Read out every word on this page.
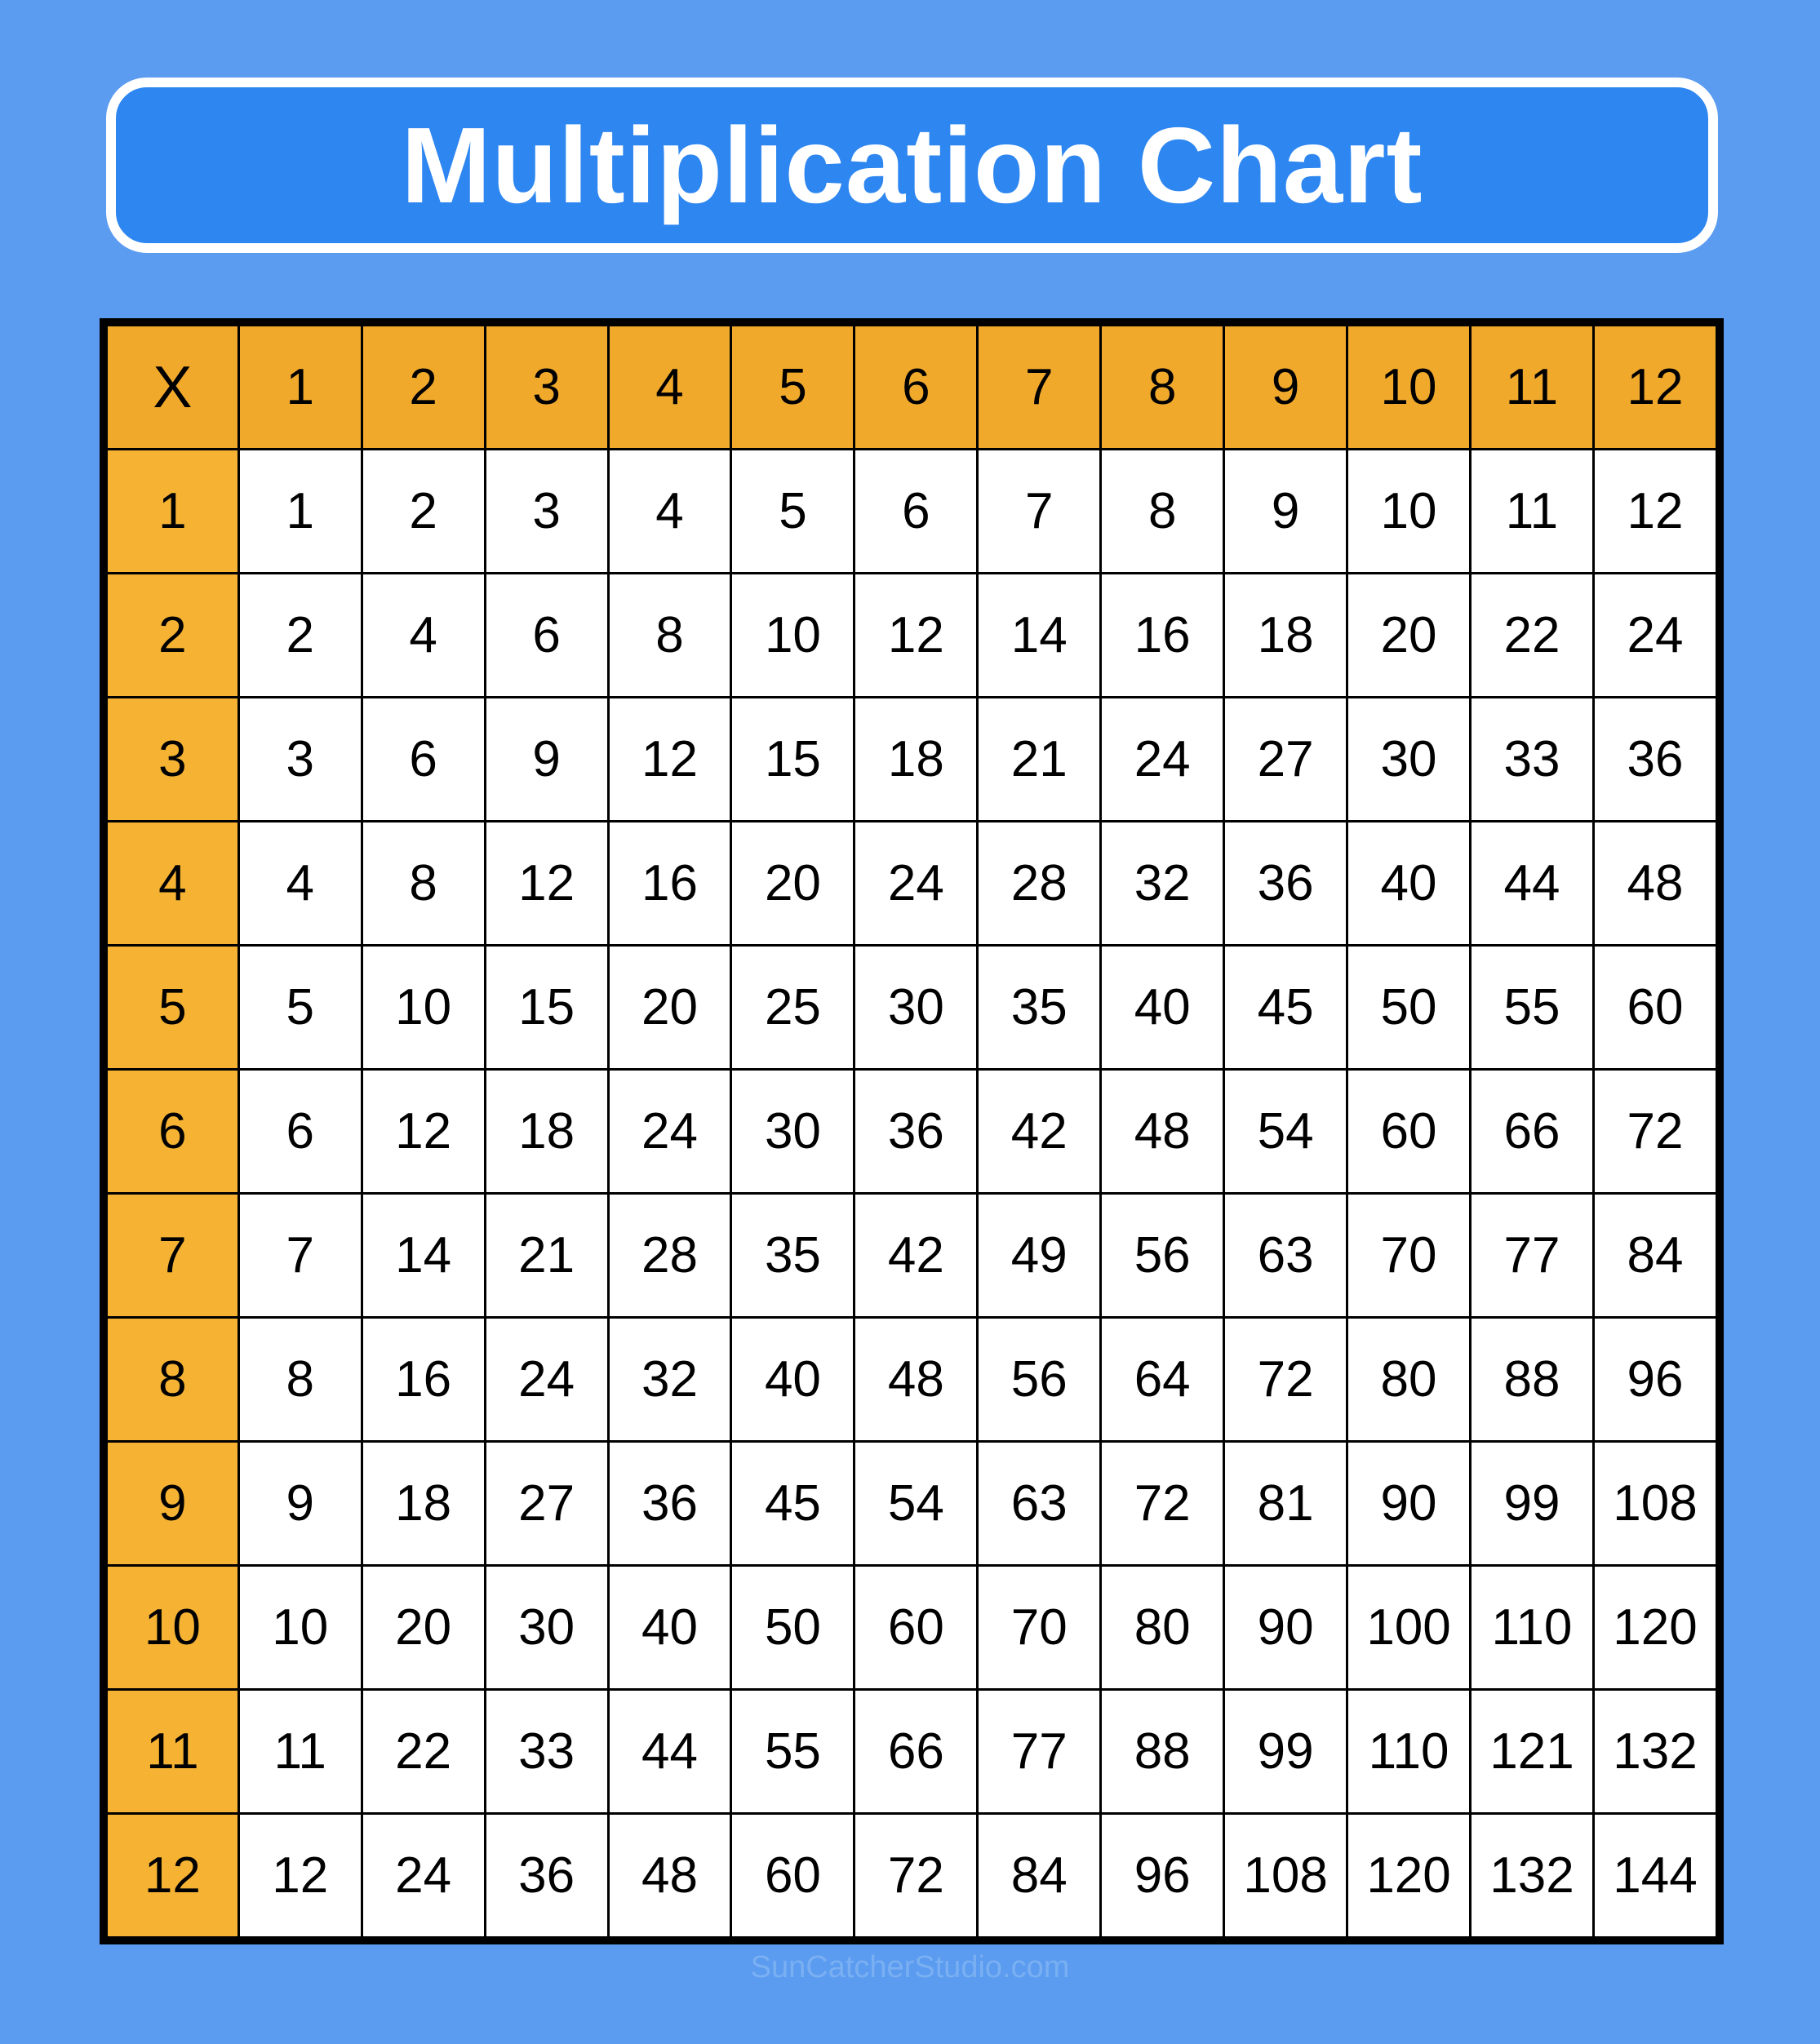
Multiplication Chart
X	1	2	3	4	5	6	7	8	9	10	11	12
1	1	2	3	4	5	6	7	8	9	10	11	12
2	2	4	6	8	10	12	14	16	18	20	22	24
3	3	6	9	12	15	18	21	24	27	30	33	36
4	4	8	12	16	20	24	28	32	36	40	44	48
5	5	10	15	20	25	30	35	40	45	50	55	60
6	6	12	18	24	30	36	42	48	54	60	66	72
7	7	14	21	28	35	42	49	56	63	70	77	84
8	8	16	24	32	40	48	56	64	72	80	88	96
9	9	18	27	36	45	54	63	72	81	90	99	108
10	10	20	30	40	50	60	70	80	90	100	110	120
11	11	22	33	44	55	66	77	88	99	110	121	132
12	12	24	36	48	60	72	84	96	108	120	132	144
SunCatcherStudio.com
